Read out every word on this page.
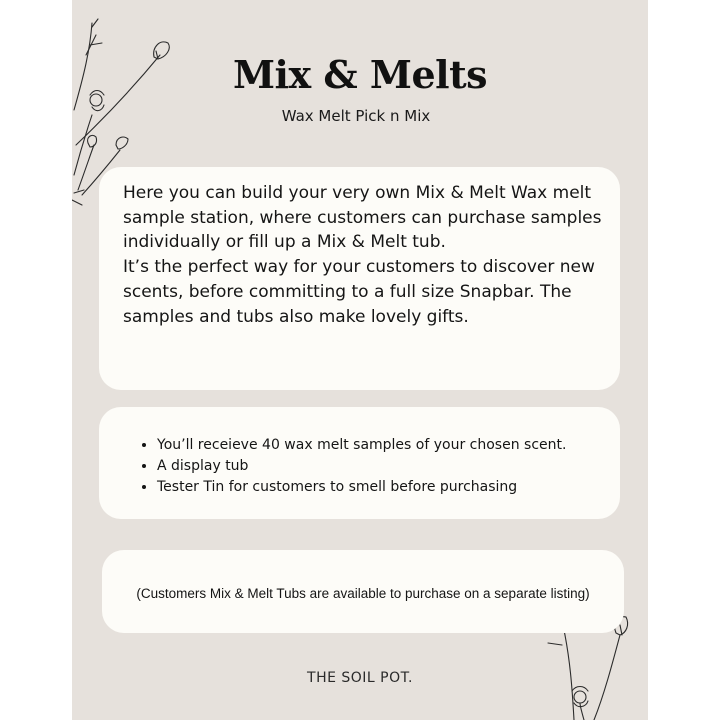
Mix & Melts
Wax Melt Pick n Mix

Here you can build your very own Mix & Melt Wax melt sample station, where customers can purchase samples individually or fill up a Mix & Melt tub.

It’s the perfect way for your customers to discover new scents, before committing to a full size Snapbar. The samples and tubs also make lovely gifts.

• You’ll receieve 40 wax melt samples of your chosen scent.
• A display tub
• Tester Tin for customers to smell before purchasing
(Customers Mix & Melt Tubs are available to purchase on a separate listing)
THE SOIL POT.
